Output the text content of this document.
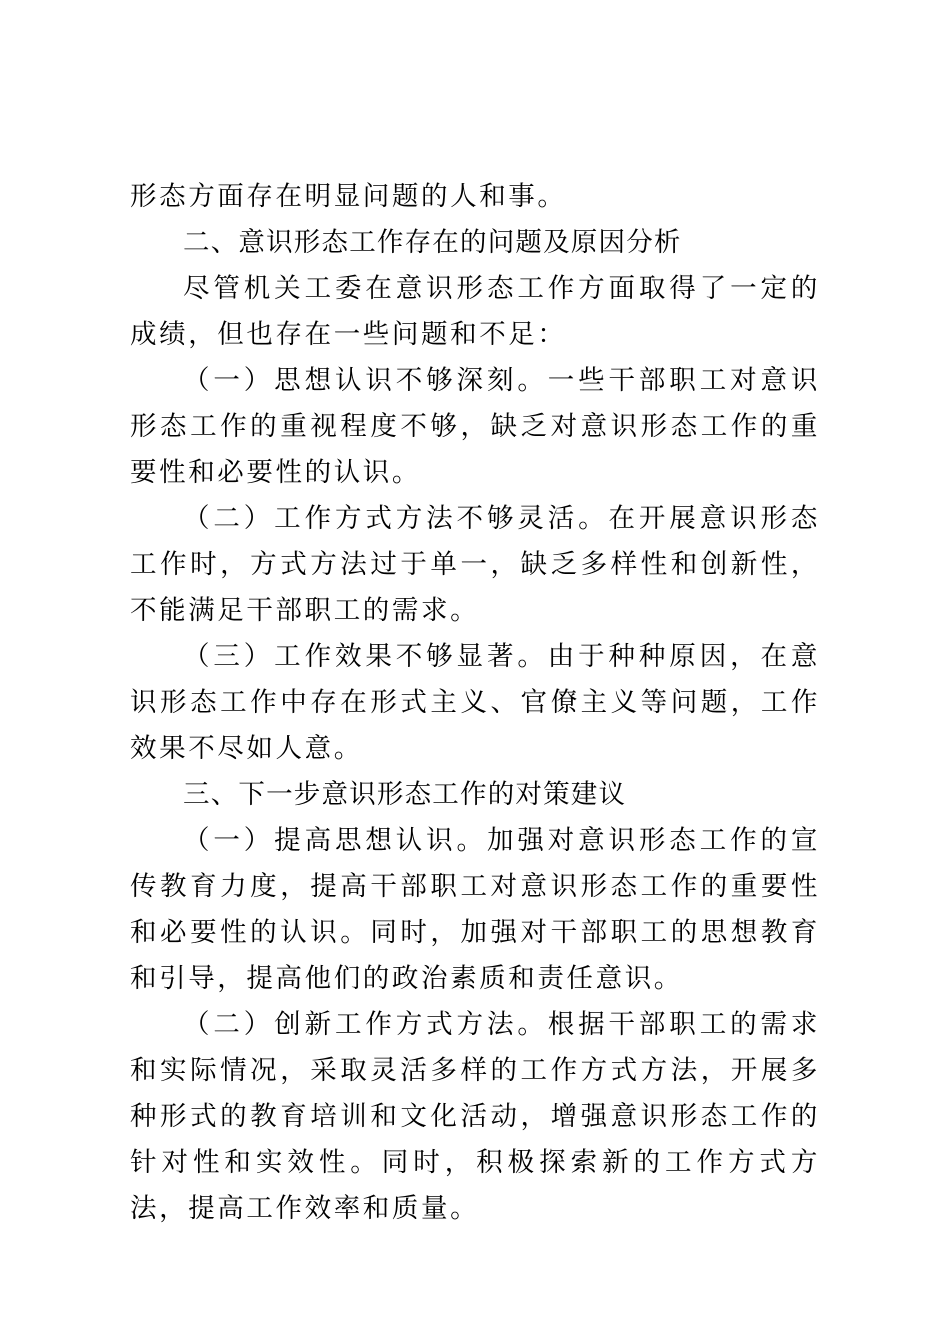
形态方面存在明显问题的人和事。

二、意识形态工作存在的问题及原因分析

尽管机关工委在意识形态工作方面取得了一定的成绩，但也存在一些问题和不足：

（一）思想认识不够深刻。一些干部职工对意识形态工作的重视程度不够，缺乏对意识形态工作的重要性和必要性的认识。

（二）工作方式方法不够灵活。在开展意识形态工作时，方式方法过于单一，缺乏多样性和创新性，不能满足干部职工的需求。

（三）工作效果不够显著。由于种种原因，在意识形态工作中存在形式主义、官僚主义等问题，工作效果不尽如人意。

三、下一步意识形态工作的对策建议

（一）提高思想认识。加强对意识形态工作的宣传教育力度，提高干部职工对意识形态工作的重要性和必要性的认识。同时，加强对干部职工的思想教育和引导，提高他们的政治素质和责任意识。

（二）创新工作方式方法。根据干部职工的需求和实际情况，采取灵活多样的工作方式方法，开展多种形式的教育培训和文化活动，增强意识形态工作的针对性和实效性。同时，积极探索新的工作方式方法，提高工作效率和质量。
